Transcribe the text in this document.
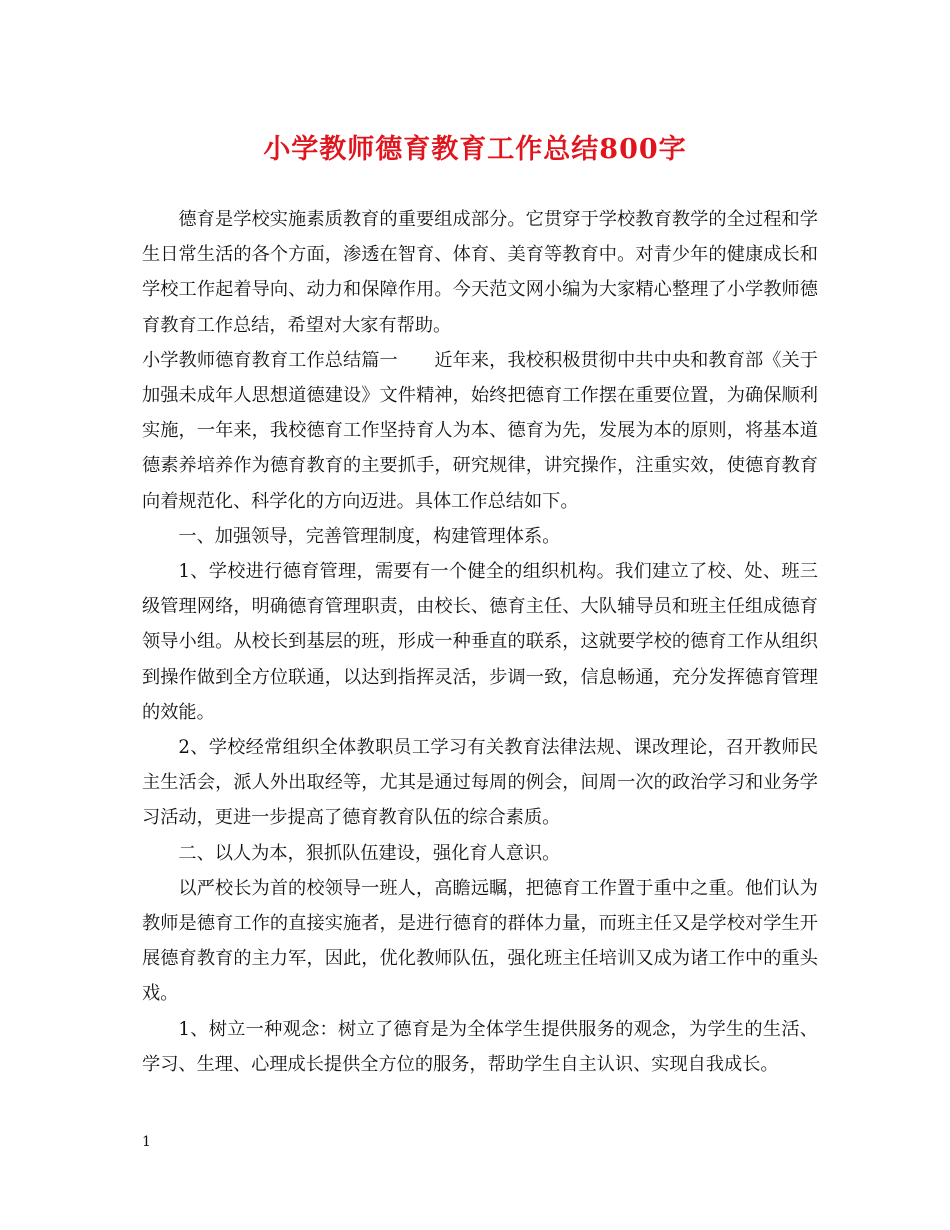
小学教师德育教育工作总结800字

德育是学校实施素质教育的重要组成部分。它贯穿于学校教育教学的全过程和学生日常生活的各个方面，渗透在智育、体育、美育等教育中。对青少年的健康成长和学校工作起着导向、动力和保障作用。今天范文网小编为大家精心整理了小学教师德育教育工作总结，希望对大家有帮助。

小学教师德育教育工作总结篇一　　近年来，我校积极贯彻中共中央和教育部《关于加强未成年人思想道德建设》文件精神，始终把德育工作摆在重要位置，为确保顺利实施，一年来，我校德育工作坚持育人为本、德育为先，发展为本的原则，将基本道德素养培养作为德育教育的主要抓手，研究规律，讲究操作，注重实效，使德育教育向着规范化、科学化的方向迈进。具体工作总结如下。

一、加强领导，完善管理制度，构建管理体系。

1、学校进行德育管理，需要有一个健全的组织机构。我们建立了校、处、班三级管理网络，明确德育管理职责，由校长、德育主任、大队辅导员和班主任组成德育领导小组。从校长到基层的班，形成一种垂直的联系，这就要学校的德育工作从组织到操作做到全方位联通，以达到指挥灵活，步调一致，信息畅通，充分发挥德育管理的效能。

2、学校经常组织全体教职员工学习有关教育法律法规、课改理论，召开教师民主生活会，派人外出取经等，尤其是通过每周的例会，间周一次的政治学习和业务学习活动，更进一步提高了德育教育队伍的综合素质。

二、以人为本，狠抓队伍建设，强化育人意识。

以严校长为首的校领导一班人，高瞻远瞩，把德育工作置于重中之重。他们认为教师是德育工作的直接实施者，是进行德育的群体力量，而班主任又是学校对学生开展德育教育的主力军，因此，优化教师队伍，强化班主任培训又成为诸工作中的重头戏。

1、树立一种观念：树立了德育是为全体学生提供服务的观念，为学生的生活、学习、生理、心理成长提供全方位的服务，帮助学生自主认识、实现自我成长。

1
